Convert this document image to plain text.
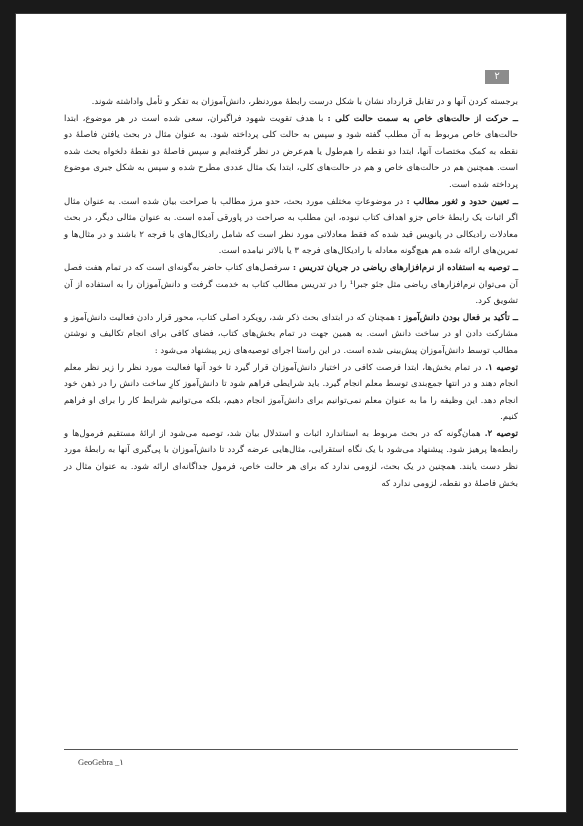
۲

برجسته کردن آنها و در تقابل قرارداد نشان با شکل درست رابطهٔ موردنظر، دانش‌آموزان به تفکر و تأمل واداشته شوند.

ــ حرکت از حالت‌های خاص به سمت حالت کلی : با هدف تقویت شهود فراگیران، سعی شده است در هر موضوع، ابتدا حالت‌های خاص مربوط به آن مطلب گفته شود و سپس به حالت کلی پرداخته شود. به عنوان مثال در بحث یافتن فاصلهٔ دو نقطه به کمک مختصات آنها، ابتدا دو نقطه را هم‌طول یا هم‌عرض در نظر گرفته‌ایم و سپس فاصلهٔ دو نقطهٔ دلخواه بحث شده است. همچنین هم در حالت‌های خاص و هم در حالت‌های کلی، ابتدا یک مثال عددی مطرح شده و سپس به شکل جبری موضوع پرداخته شده است.

ــ تعیین حدود و ثغور مطالب : در موضوعاتِ مختلف مورد بحث، حدو مرز مطالب با صراحت بیان شده است. به عنوان مثال اگر اثبات یک رابطهٔ خاص جزو اهداف کتاب نبوده، این مطلب به صراحت در پاورقی آمده است. به عنوان مثالی دیگر، در بحث معادلات رادیکالی در پانویس قید شده که فقط معادلاتی مورد نظر است که شامل رادیکال‌های با فرجه ۲ باشند و در مثال‌ها و تمرین‌های ارائه شده هم هیچ‌گونه معادله با رادیکال‌های فرجه ۳ یا بالاتر نیامده است.

ــ توصیه به استفاده از نرم‌افزارهای ریاضی در جریان تدریس : سرفصل‌های کتاب حاضر به‌گونه‌ای است که در تمام هفت فصل آن می‌توان نرم‌افزارهای ریاضی مثل جئو جبرا¹ را در تدریس مطالب کتاب به خدمت گرفت و دانش‌آموزان را به استفاده از آن تشویق کرد.

ــ تأکید بر فعال بودن دانش‌آموز : همچنان که در ابتدای بحث ذکر شد، رویکرد اصلی کتاب، محور قرار دادن فعالیت دانش‌آموز و مشارکت دادن او در ساخت دانش است. به همین جهت در تمام بخش‌های کتاب، فضای کافی برای انجام تکالیف و نوشتن مطالب توسط دانش‌آموزان پیش‌بینی شده است. در این راستا اجرای توصیه‌های زیر پیشنهاد می‌شود :

توصیه ۱. در تمام بخش‌ها، ابتدا فرصت کافی در اختیار دانش‌آموزان قرار گیرد تا خود آنها فعالیت مورد نظر را زیر نظر معلم انجام دهند و در انتها جمع‌بندی توسط معلم انجام گیرد. باید شرایطی فراهم شود تا دانش‌آموز کارِ ساخت دانش را در ذهن خود انجام دهد. این وظیفه را ما به عنوان معلم نمی‌توانیم برای دانش‌آموز انجام دهیم، بلکه می‌توانیم شرایط کار را برای او فراهم کنیم.

توصیه ۲. همان‌گونه که در بحث مربوط به استاندارد اثبات و استدلال بیان شد، توصیه می‌شود از ارائهٔ مستقیم فرمول‌ها و رابطه‌ها پرهیز شود. پیشنهاد می‌شود با یک نگاه استقرایی، مثال‌هایی عرضه گردد تا دانش‌آموزان با پی‌گیری آنها به رابطهٔ مورد نظر دست یابند. همچنین در یک بحث، لزومی ندارد که برای هر حالت خاص، فرمول جداگانه‌ای ارائه شود. به عنوان مثال در بخش فاصلهٔ دو نقطه، لزومی ندارد که

GeoGebra _۱
